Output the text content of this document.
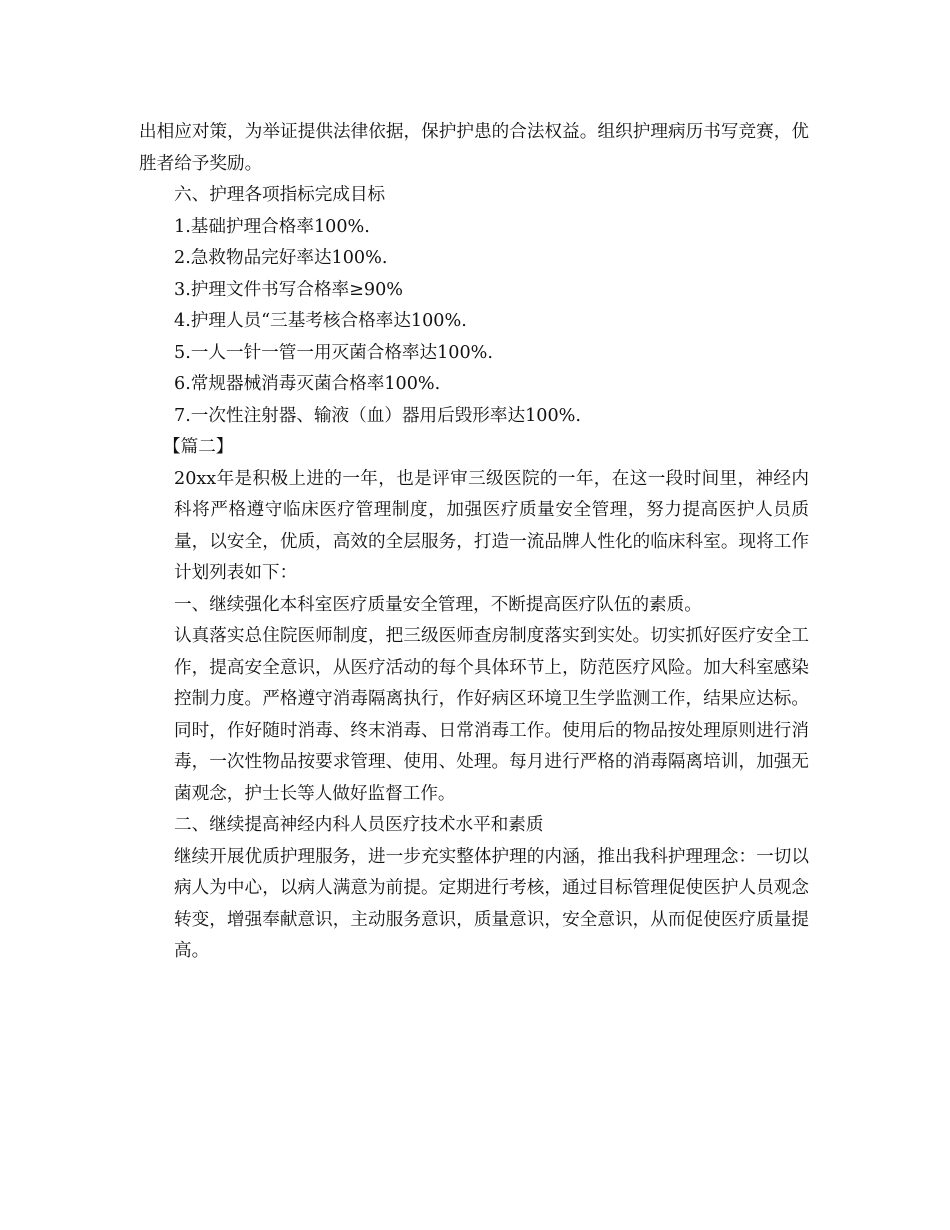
出相应对策，为举证提供法律依据，保护护患的合法权益。组织护理病历书写竞赛，优胜者给予奖励。

六、护理各项指标完成目标

1.基础护理合格率100%.

2.急救物品完好率达100%.

3.护理文件书写合格率≥90%

4.护理人员“三基考核合格率达100%.

5.一人一针一管一用灭菌合格率达100%.

6.常规器械消毒灭菌合格率100%.

7.一次性注射器、输液（血）器用后毁形率达100%.

【篇二】

20xx年是积极上进的一年，也是评审三级医院的一年，在这一段时间里，神经内科将严格遵守临床医疗管理制度，加强医疗质量安全管理，努力提高医护人员质量，以安全，优质，高效的全层服务，打造一流品牌人性化的临床科室。现将工作计划列表如下：

一、继续强化本科室医疗质量安全管理，不断提高医疗队伍的素质。

认真落实总住院医师制度，把三级医师查房制度落实到实处。切实抓好医疗安全工作，提高安全意识，从医疗活动的每个具体环节上，防范医疗风险。加大科室感染控制力度。严格遵守消毒隔离执行，作好病区环境卫生学监测工作，结果应达标。同时，作好随时消毒、终末消毒、日常消毒工作。使用后的物品按处理原则进行消毒，一次性物品按要求管理、使用、处理。每月进行严格的消毒隔离培训，加强无菌观念，护士长等人做好监督工作。

二、继续提高神经内科人员医疗技术水平和素质

继续开展优质护理服务，进一步充实整体护理的内涵，推出我科护理理念：一切以病人为中心，以病人满意为前提。定期进行考核，通过目标管理促使医护人员观念转变，增强奉献意识，主动服务意识，质量意识，安全意识，从而促使医疗质量提高。
